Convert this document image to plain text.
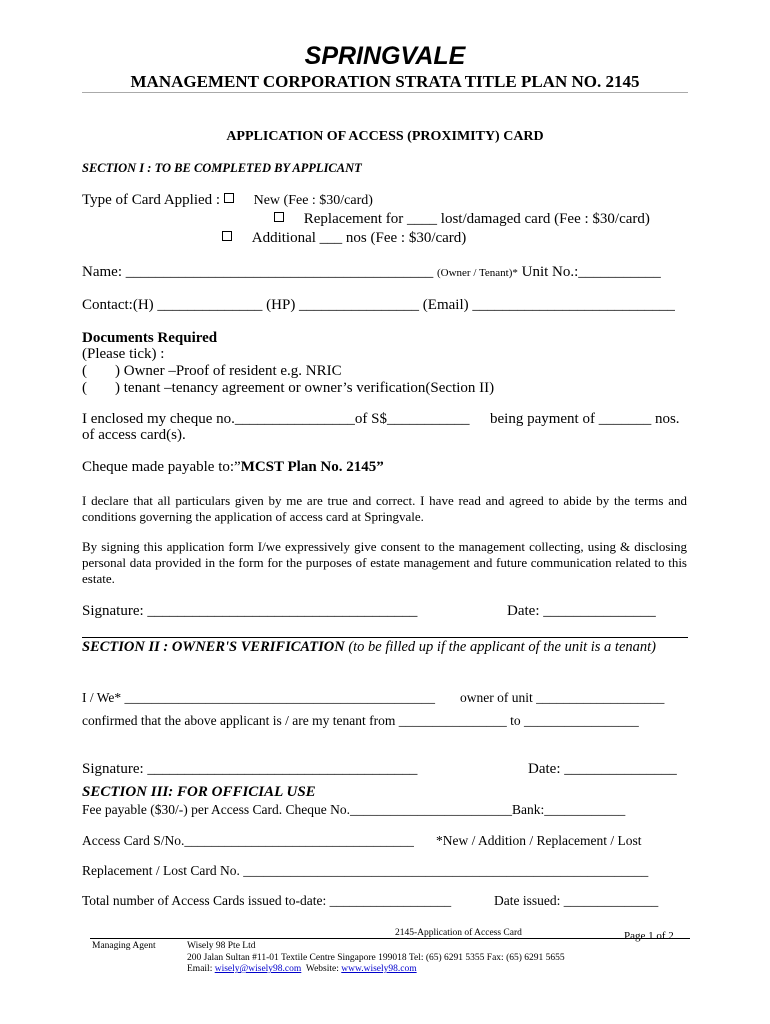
SPRINGVALE
MANAGEMENT CORPORATION STRATA TITLE PLAN NO. 2145
APPLICATION OF ACCESS (PROXIMITY) CARD
SECTION I : TO BE COMPLETED BY APPLICANT
Type of Card Applied : New (Fee : $30/card)
Replacement for ____ lost/damaged card (Fee : $30/card)
Additional ___ nos (Fee : $30/card)
Name: _________________________________________ (Owner / Tenant)* Unit No.:___________
Contact:(H) ______________ (HP) ________________ (Email) ___________________________
Documents Required
(Please tick) :
( ) Owner –Proof of resident e.g. NRIC
( ) tenant –tenancy agreement or owner’s verification(Section II)
I enclosed my cheque no.________________of S$___________ being payment of _______ nos.
of access card(s).
Cheque made payable to:”MCST Plan No. 2145”
I declare that all particulars given by me are true and correct. I have read and agreed to abide by the terms and conditions governing the application of access card at Springvale.
By signing this application form I/we expressively give consent to the management collecting, using & disclosing personal data provided in the form for the purposes of estate management and future communication related to this estate.
Signature: ____________________________________	Date: _______________
SECTION II : OWNER'S VERIFICATION (to be filled up if the applicant of the unit is a tenant)
I / We* ______________________________________________ owner of unit ___________________
confirmed that the above applicant is / are my tenant from ________________ to _________________
Signature: ____________________________________	Date: _______________
SECTION III: FOR OFFICIAL USE
Fee payable ($30/-) per Access Card. Cheque No.________________________Bank:____________
Access Card S/No.__________________________________ *New / Addition / Replacement / Lost
Replacement / Lost Card No. ____________________________________________________________
Total number of Access Cards issued to-date: __________________	Date issued: ______________
2145-Application of Access Card	Page 1 of 2
Managing Agent	Wisely 98 Pte Ltd
200 Jalan Sultan #11-01 Textile Centre Singapore 199018 Tel: (65) 6291 5355 Fax: (65) 6291 5655
Email: wisely@wisely98.com  Website: www.wisely98.com
